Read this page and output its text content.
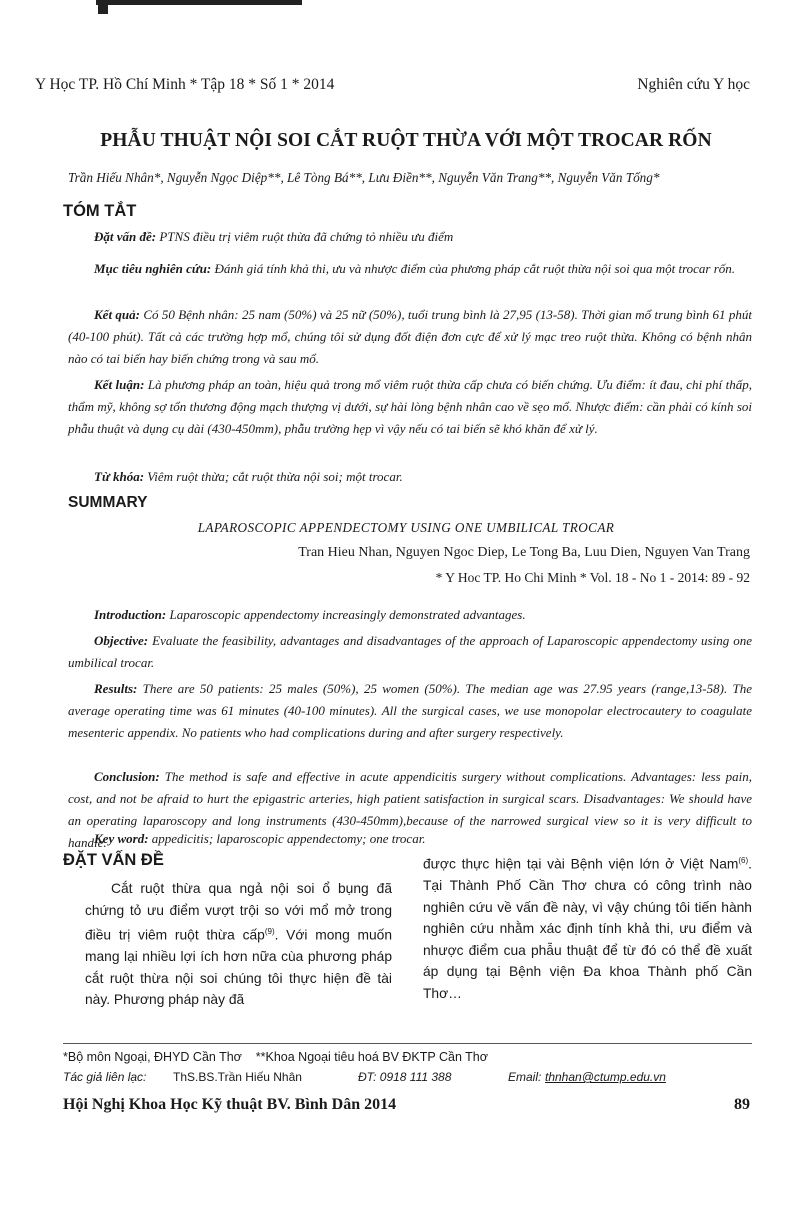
Y Học TP. Hồ Chí Minh * Tập 18 * Số 1 * 2014	Nghiên cứu Y học
PHẪU THUẬT NỘI SOI CẮT RUỘT THỪA VỚI MỘT TROCAR RỐN
Trần Hiếu Nhân*, Nguyễn Ngọc Diệp**, Lê Tòng Bá**, Lưu Điền**, Nguyễn Văn Trang**, Nguyễn Văn Tống*
TÓM TẮT

Đặt vấn đề: PTNS điều trị viêm ruột thừa đã chứng tỏ nhiều ưu điểm

Mục tiêu nghiên cứu: Đánh giá tính khả thi, ưu và nhược điểm của phương pháp cắt ruột thừa nội soi qua một trocar rốn.

Kết quả: Có 50 Bệnh nhân: 25 nam (50%) và 25 nữ (50%), tuổi trung bình là 27,95 (13-58). Thời gian mổ trung bình 61 phút (40-100 phút). Tất cả các trường hợp mổ, chúng tôi sử dụng đốt điện đơn cực để xử lý mạc treo ruột thừa. Không có bệnh nhân nào có tai biến hay biến chứng trong và sau mổ.

Kết luận: Là phương pháp an toàn, hiệu quả trong mổ viêm ruột thừa cấp chưa có biến chứng. Ưu điểm: ít đau, chi phí thấp, thẩm mỹ, không sợ tổn thương động mạch thượng vị dưới, sự hài lòng bệnh nhân cao về sẹo mổ. Nhược điểm: cần phải có kính soi phẫu thuật và dụng cụ dài (430-450mm), phẫu trường hẹp vì vậy nếu có tai biến sẽ khó khăn để xử lý.

Từ khóa: Viêm ruột thừa; cắt ruột thừa nội soi; một trocar.

SUMMARY
LAPAROSCOPIC APPENDECTOMY USING ONE UMBILICAL TROCAR
Tran Hieu Nhan, Nguyen Ngoc Diep, Le Tong Ba, Luu Dien, Nguyen Van Trang
* Y Hoc TP. Ho Chi Minh * Vol. 18 - No 1 - 2014: 89 - 92

Introduction: Laparoscopic appendectomy increasingly demonstrated advantages.

Objective: Evaluate the feasibility, advantages and disadvantages of the approach of Laparoscopic appendectomy using one umbilical trocar.

Results: There are 50 patients: 25 males (50%), 25 women (50%). The median age was 27.95 years (range,13-58). The average operating time was 61 minutes (40-100 minutes). All the surgical cases, we use monopolar electrocautery to coagulate mesenteric appendix. No patients who had complications during and after surgery respectively.

Conclusion: The method is safe and effective in acute appendicitis surgery without complications. Advantages: less pain, cost, and not be afraid to hurt the epigastric arteries, high patient satisfaction in surgical scars. Disadvantages: We should have an operating laparoscopy and long instruments (430-450mm),because of the narrowed surgical view so it is very difficult to handle.

Key word: appedicitis; laparoscopic appendectomy; one trocar.

ĐẶT VẤN ĐỀ

Cắt ruột thừa qua ngả nội soi ổ bụng đã chứng tỏ ưu điểm vượt trội so với mổ mở trong điều trị viêm ruột thừa cấp$^{(9)}$. Với mong muốn mang lại nhiều lợi ích hơn nữa cùa phương pháp cắt ruột thừa nội soi chúng tôi thực hiện đề tài này. Phương pháp này đã

được thực hiện tại vài Bệnh viện lớn ở Việt Nam$^{(6)}$. Tại Thành Phố Cần Thơ chưa có công trình nào nghiên cứu về vấn đề này, vì vậy chúng tôi tiến hành nghiên cứu nhằm xác định tính khả thi, ưu điểm và nhược điểm cua phẫu thuật để từ đó có thể đề xuất áp dụng tại Bệnh viện Đa khoa Thành phố Cần Thơ…

*Bộ môn Ngoại, ĐHYD Cần Thơ    **Khoa Ngoại tiêu hoá BV ĐKTP Cần Thơ
Tác giả liên lạc: ThS.BS.Trần Hiếu Nhân	ĐT: 0918 111 388	Email: thnhan@ctump.edu.vn
Hội Nghị Khoa Học Kỹ thuật BV. Bình Dân 2014	89
